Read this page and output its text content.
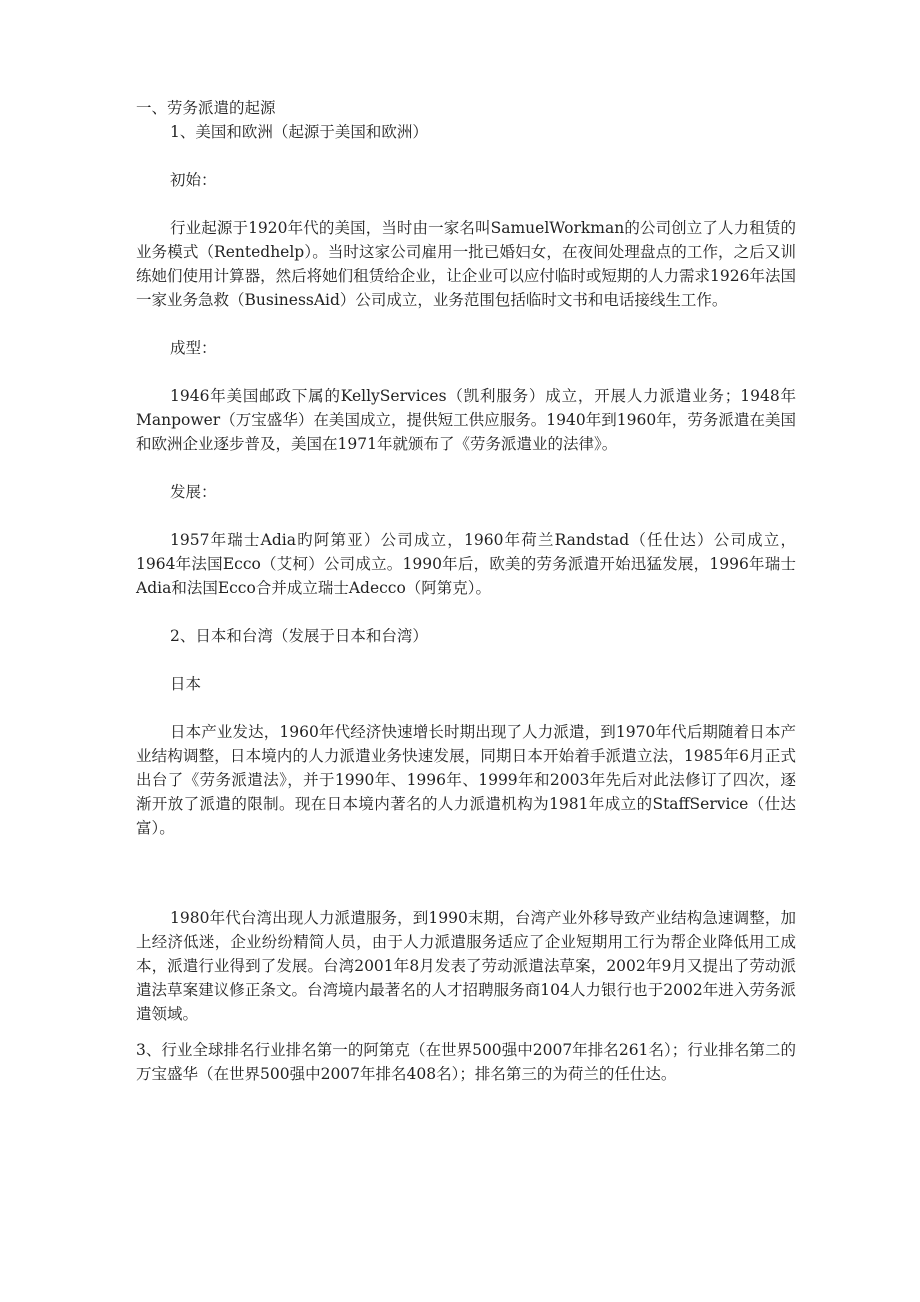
一、劳务派遣的起源

1、美国和欧洲（起源于美国和欧洲）

初始：

行业起源于1920年代的美国，当时由一家名叫SamuelWorkman的公司创立了人力租赁的业务模式（Rentedhelp）。当时这家公司雇用一批已婚妇女，在夜间处理盘点的工作，之后又训练她们使用计算器，然后将她们租赁给企业，让企业可以应付临时或短期的人力需求1926年法国一家业务急救（BusinessAid）公司成立，业务范围包括临时文书和电话接线生工作。

成型：

1946年美国邮政下属的KellyServices（凯利服务）成立，开展人力派遣业务；1948年Manpower（万宝盛华）在美国成立，提供短工供应服务。1940年到1960年，劳务派遣在美国和欧洲企业逐步普及，美国在1971年就颁布了《劳务派遣业的法律》。

发展：

1957年瑞士Adia旳阿第亚）公司成立，1960年荷兰Randstad（任仕达）公司成立，1964年法国Ecco（艾柯）公司成立。1990年后，欧美的劳务派遣开始迅猛发展，1996年瑞士Adia和法国Ecco合并成立瑞士Adecco（阿第克）。

2、日本和台湾（发展于日本和台湾）

日本

日本产业发达，1960年代经济快速增长时期出现了人力派遣，到1970年代后期随着日本产业结构调整，日本境内的人力派遣业务快速发展，同期日本开始着手派遣立法，1985年6月正式出台了《劳务派遣法》，并于1990年、1996年、1999年和2003年先后对此法修订了四次，逐渐开放了派遣的限制。现在日本境内著名的人力派遣机构为1981年成立的StaffService（仕达富）。

1980年代台湾出现人力派遣服务，到1990末期，台湾产业外移导致产业结构急速调整，加上经济低迷，企业纷纷精简人员，由于人力派遣服务适应了企业短期用工行为帮企业降低用工成本，派遣行业得到了发展。台湾2001年8月发表了劳动派遣法草案，2002年9月又提出了劳动派遣法草案建议修正条文。台湾境内最著名的人才招聘服务商104人力银行也于2002年进入劳务派遣领域。

3、行业全球排名行业排名第一的阿第克（在世界500强中2007年排名261名）；行业排名第二的万宝盛华（在世界500强中2007年排名408名）；排名第三的为荷兰的任仕达。
